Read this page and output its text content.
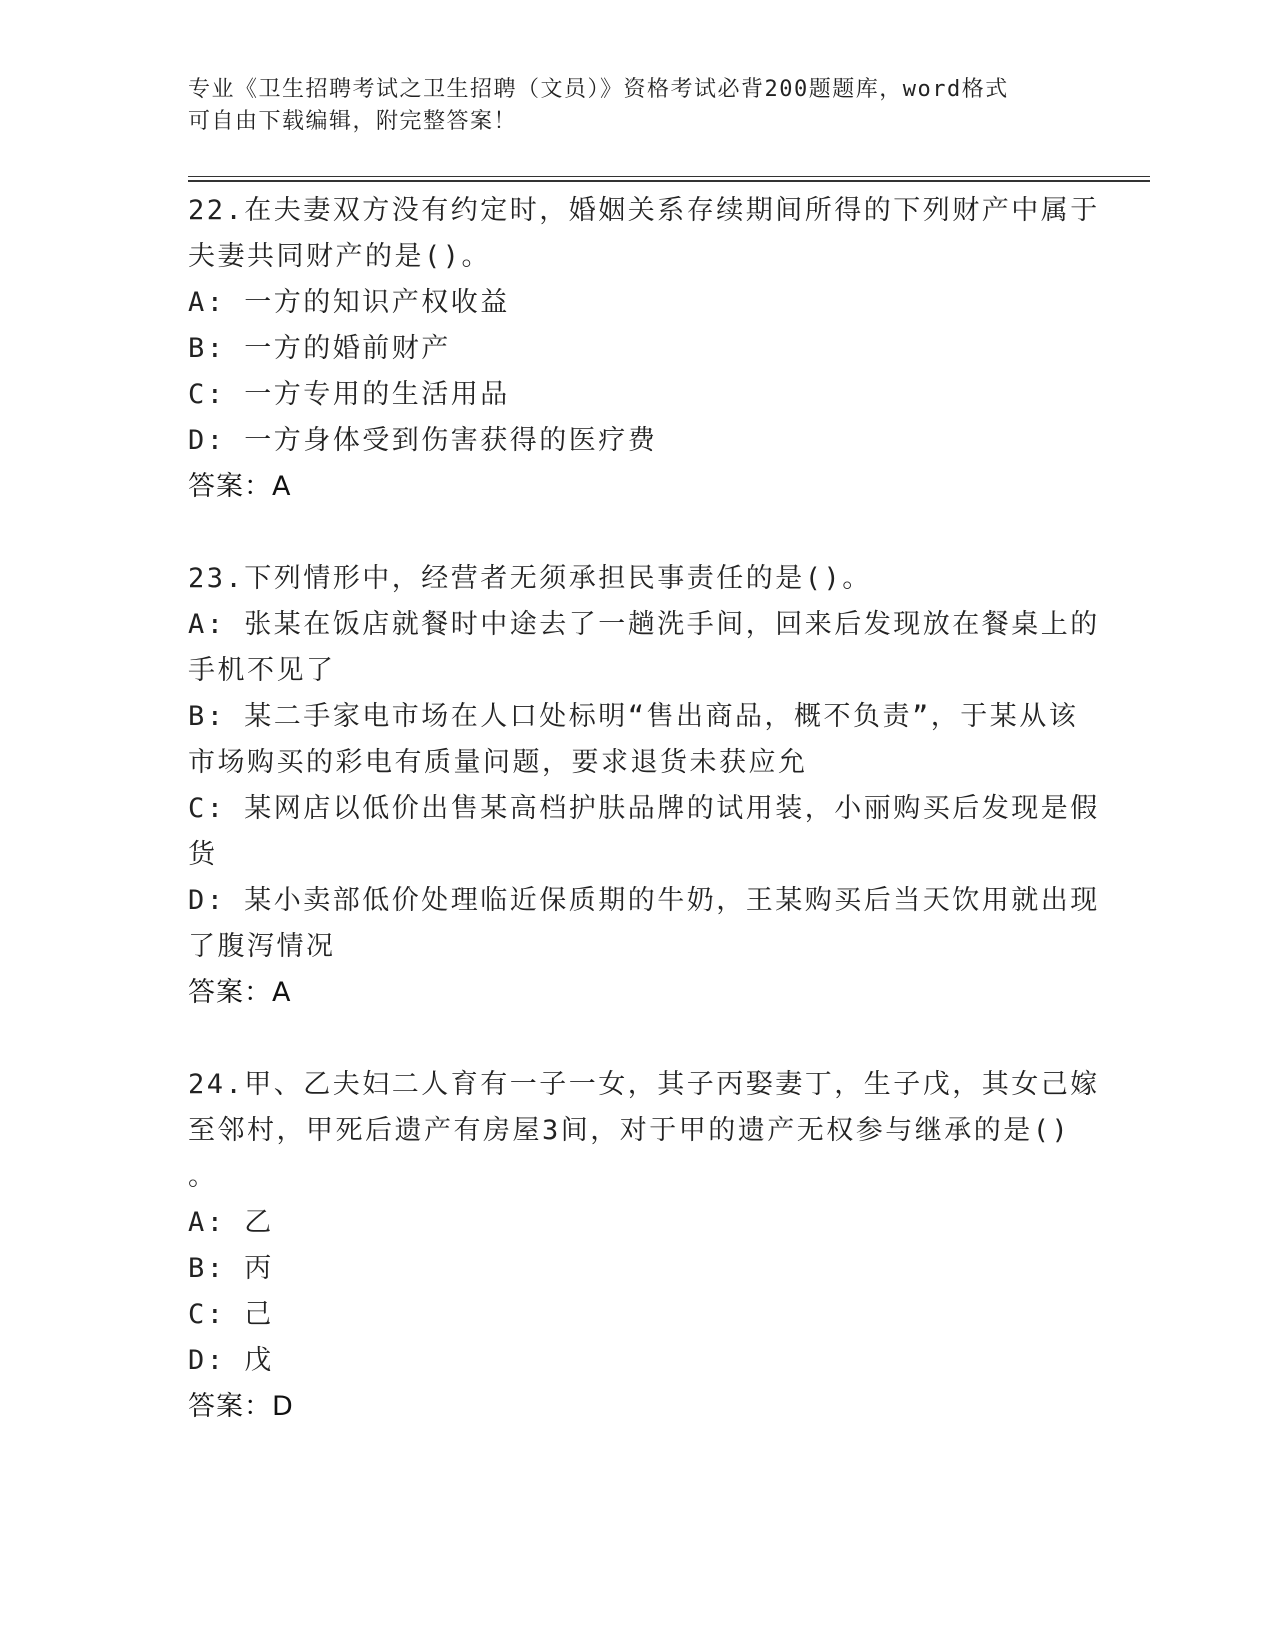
专业《卫生招聘考试之卫生招聘（文员）》资格考试必背200题题库，word格式
可自由下载编辑，附完整答案！
22.在夫妻双方没有约定时，婚姻关系存续期间所得的下列财产中属于
夫妻共同财产的是()。
A: 一方的知识产权收益
B: 一方的婚前财产
C: 一方专用的生活用品
D: 一方身体受到伤害获得的医疗费
答案：A
23.下列情形中，经营者无须承担民事责任的是()。
A: 张某在饭店就餐时中途去了一趟洗手间，回来后发现放在餐桌上的
手机不见了
B: 某二手家电市场在人口处标明“售出商品，概不负责”，于某从该
市场购买的彩电有质量问题，要求退货未获应允
C: 某网店以低价出售某高档护肤品牌的试用装，小丽购买后发现是假
货
D: 某小卖部低价处理临近保质期的牛奶，王某购买后当天饮用就出现
了腹泻情况
答案：A
24.甲、乙夫妇二人育有一子一女，其子丙娶妻丁，生子戊，其女己嫁
至邻村，甲死后遗产有房屋3间，对于甲的遗产无权参与继承的是()
。
A: 乙
B: 丙
C: 己
D: 戊
答案：D
